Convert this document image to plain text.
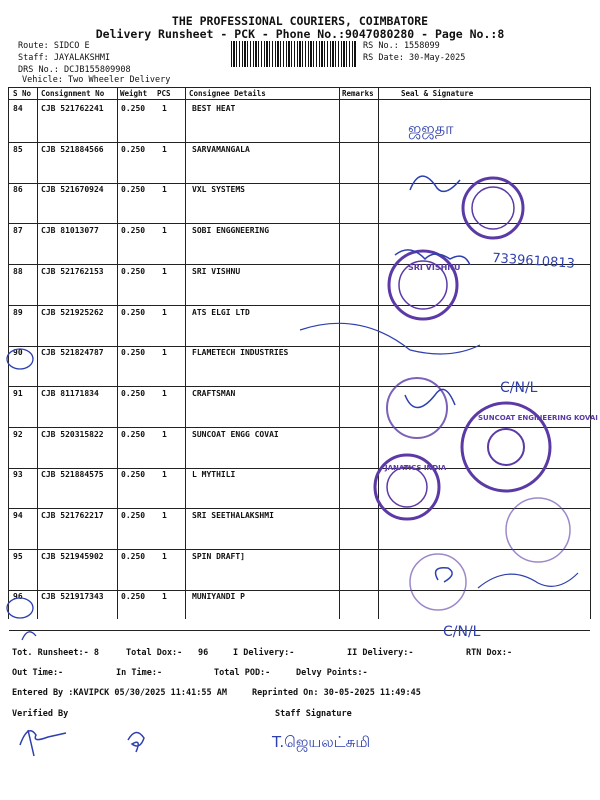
THE PROFESSIONAL COURIERS, COIMBATORE
Delivery Runsheet - PCK - Phone No.:9047080280 - Page No.:8
Route: SIDCO E
Staff: JAYALAKSHMI
DRS No.: DCJB155809908
Vehicle: Two Wheeler Delivery
RS No.: 1558099
RS Date: 30-May-2025
S No Consignment No Weight PCS Consignee Details	Remarks	Seal & Signature
84 CJB 521762241 0.250 1	BEST HEAT
85 CJB 521884566 0.250 1	SARVAMANGALA
86 CJB 521670924 0.250 1	VXL SYSTEMS
87 CJB 81013077	0.250 1	SOBI ENGGNEERING
88 CJB 521762153 0.250 1	SRI VISHNU
89 CJB 521925262 0.250 1	ATS ELGI LTD
90 CJB 521824787 0.250 1	FLAMETECH INDUSTRIES
91 CJB 81171834	0.250 1	CRAFTSMAN
92 CJB 520315822 0.250 1	SUNCOAT ENGG COVAI
93 CJB 521884575 0.250 1	L MYTHILI
94 CJB 521762217 0.250 1	SRI SEETHALAKSHMI
95 CJB 521945902 0.250 1	SPIN DRAFT]
96 CJB 521917343 0.250 1	MUNIYANDI P
Tot. Runsheet:- 8	Total Dox:- 96	I Delivery:-	II Delivery:-	RTN Dox:-
Out Time:-	In Time:-	Total POD:-	Delvy Points:-
Entered By :KAVIPCK 05/30/2025 11:41:55 AM	Reprinted On: 30-05-2025 11:49:45
Verified By	Staff Signature
ஜஜதா
SRI VISHNU
SUNCOAT ENGINEERING KOVAI
JANATICS INDIA
7339610813
C/N/L
C/N/L
T.ஜெயலட்சுமி
